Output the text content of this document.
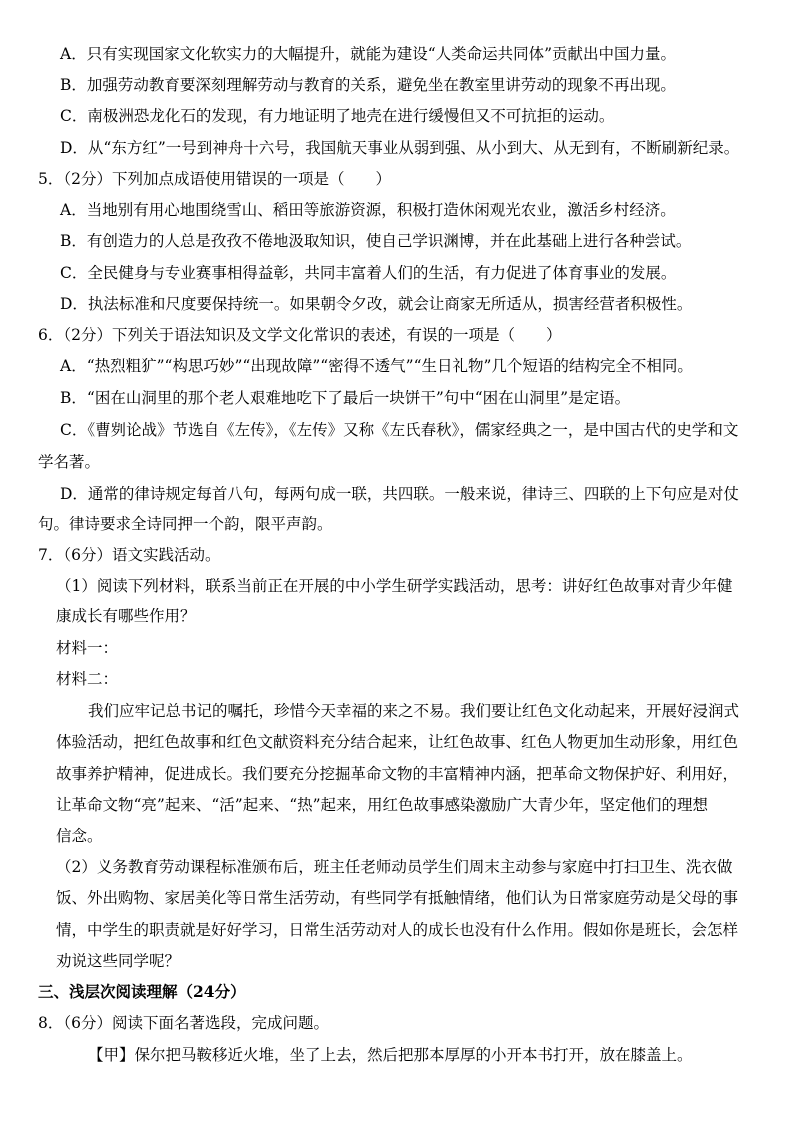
A．只有实现国家文化软实力的大幅提升，就能为建设“人类命运共同体”贡献出中国力量。
B．加强劳动教育要深刻理解劳动与教育的关系，避免坐在教室里讲劳动的现象不再出现。
C．南极洲恐龙化石的发现，有力地证明了地壳在进行缓慢但又不可抗拒的运动。
D．从“东方红”一号到神舟十六号，我国航天事业从弱到强、从小到大、从无到有，不断刷新纪录。
5．（2分）下列加点成语使用错误的一项是（　　）
A．当地别有用心地围绕雪山、稻田等旅游资源，积极打造休闲观光农业，激活乡村经济。
B．有创造力的人总是孜孜不倦地汲取知识，使自己学识渊博，并在此基础上进行各种尝试。
C．全民健身与专业赛事相得益彰，共同丰富着人们的生活，有力促进了体育事业的发展。
D．执法标准和尺度要保持统一。如果朝令夕改，就会让商家无所适从，损害经营者积极性。
6．（2分）下列关于语法知识及文学文化常识的表述，有误的一项是（　　）
A．“热烈粗犷”“构思巧妙”“出现故障”“密得不透气”“生日礼物”几个短语的结构完全不相同。
B．“困在山洞里的那个老人艰难地吃下了最后一块饼干”句中“困在山洞里”是定语。
C．《曹刿论战》节选自《左传》，《左传》又称《左氏春秋》，儒家经典之一，是中国古代的史学和文
学名著。
D．通常的律诗规定每首八句，每两句成一联，共四联。一般来说，律诗三、四联的上下句应是对仗
句。律诗要求全诗同押一个韵，限平声韵。
7．（6分）语文实践活动。
（1）阅读下列材料，联系当前正在开展的中小学生研学实践活动，思考：讲好红色故事对青少年健
康成长有哪些作用？
材料一：
材料二：
我们应牢记总书记的嘱托，珍惜今天幸福的来之不易。我们要让红色文化动起来，开展好浸润式
体验活动，把红色故事和红色文献资料充分结合起来，让红色故事、红色人物更加生动形象，用红色
故事养护精神，促进成长。我们要充分挖掘革命文物的丰富精神内涵，把革命文物保护好、利用好，
让革命文物“亮”起来、“活”起来、“热”起来，用红色故事感染激励广大青少年，坚定他们的理想
信念。
（2）义务教育劳动课程标准颁布后，班主任老师动员学生们周末主动参与家庭中打扫卫生、洗衣做
饭、外出购物、家居美化等日常生活劳动，有些同学有抵触情绪，他们认为日常家庭劳动是父母的事
情，中学生的职责就是好好学习，日常生活劳动对人的成长也没有什么作用。假如你是班长，会怎样
劝说这些同学呢？
三、浅层次阅读理解（24分）
8．（6分）阅读下面名著选段，完成问题。
【甲】保尔把马鞍移近火堆，坐了上去，然后把那本厚厚的小开本书打开，放在膝盖上。
